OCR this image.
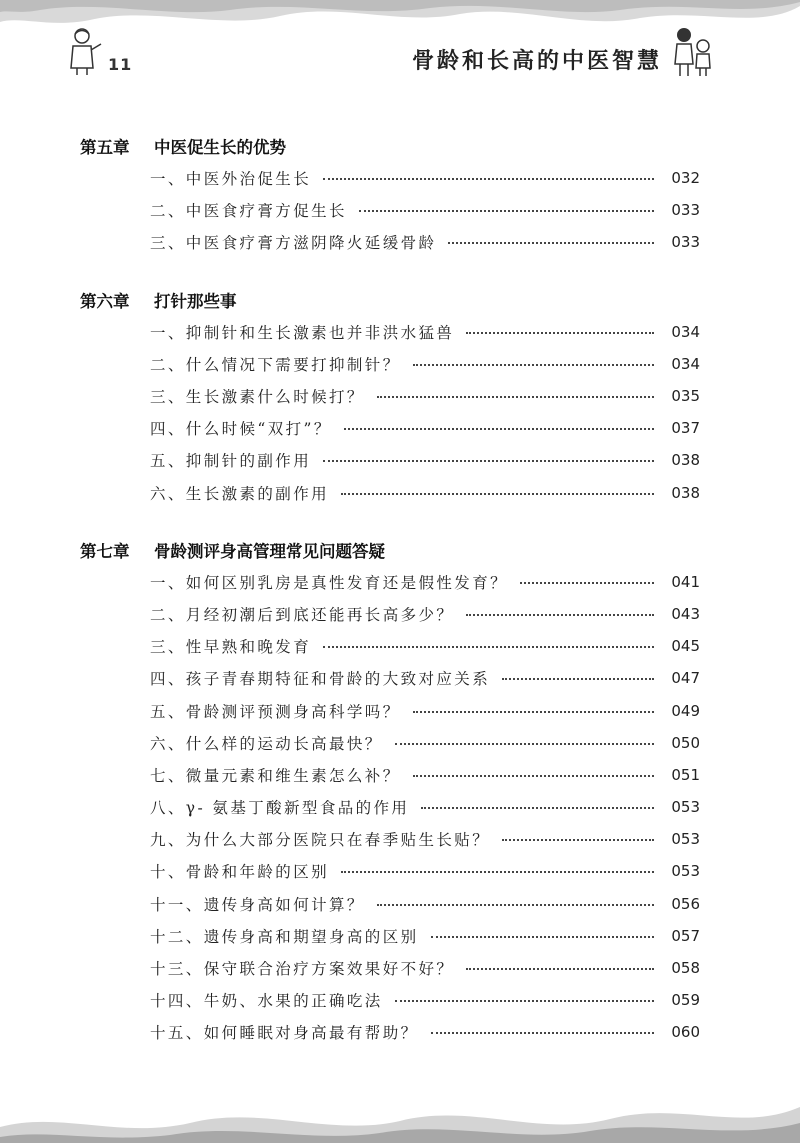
11	骨龄和长高的中医智慧
第五章	中医促生长的优势
一、中医外治促生长	032
二、中医食疗膏方促生长	033
三、中医食疗膏方滋阴降火延缓骨龄	033
第六章	打针那些事
一、抑制针和生长激素也并非洪水猛兽	034
二、什么情况下需要打抑制针？	034
三、生长激素什么时候打？	035
四、什么时候“双打”？	037
五、抑制针的副作用	038
六、生长激素的副作用	038
第七章	骨龄测评身高管理常见问题答疑
一、如何区别乳房是真性发育还是假性发育？	041
二、月经初潮后到底还能再长高多少？	043
三、性早熟和晚发育	045
四、孩子青春期特征和骨龄的大致对应关系	047
五、骨龄测评预测身高科学吗？	049
六、什么样的运动长高最快？	050
七、微量元素和维生素怎么补？	051
八、γ- 氨基丁酸新型食品的作用	053
九、为什么大部分医院只在春季贴生长贴？	053
十、骨龄和年龄的区别	053
十一、遗传身高如何计算？	056
十二、遗传身高和期望身高的区别	057
十三、保守联合治疗方案效果好不好？	058
十四、牛奶、水果的正确吃法	059
十五、如何睡眠对身高最有帮助？	060
